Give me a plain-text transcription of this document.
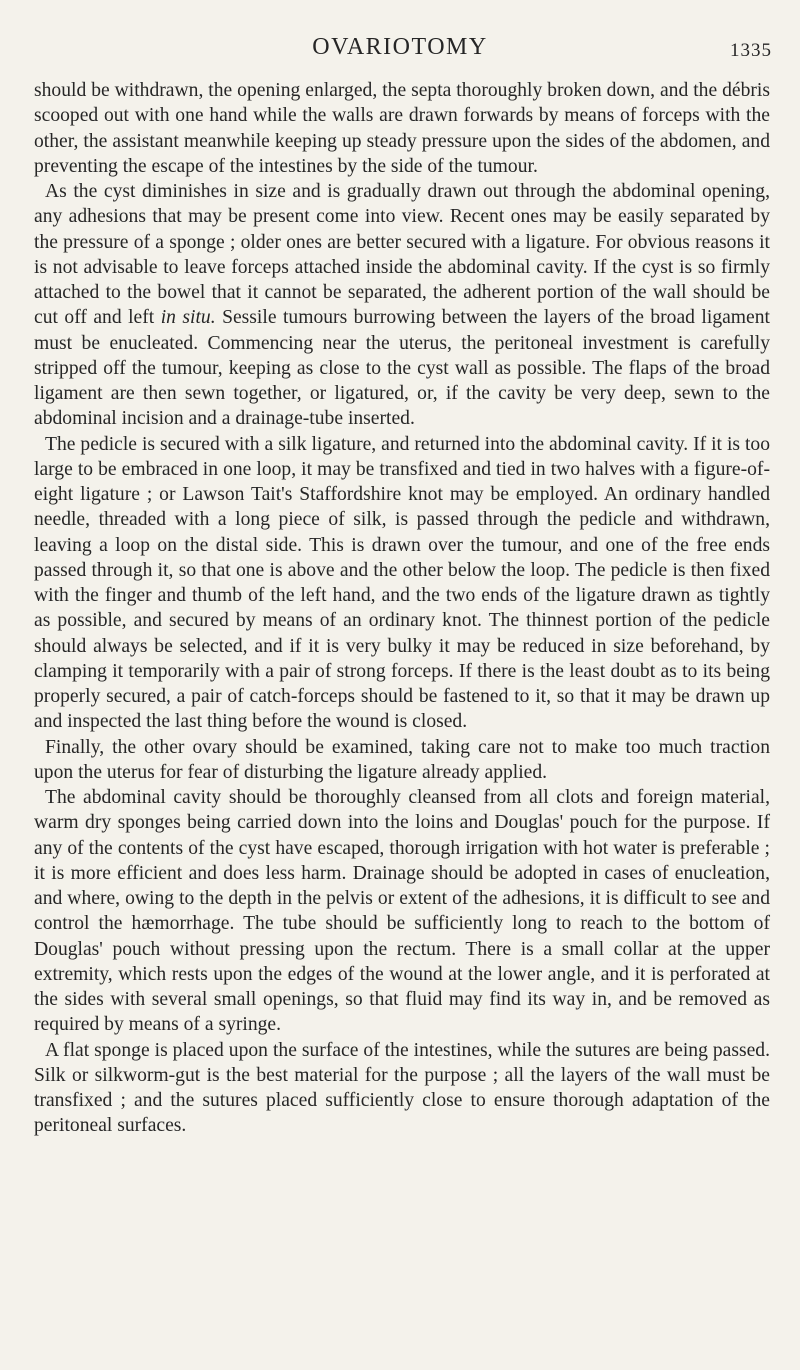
OVARIOTOMY	1335

should be withdrawn, the opening enlarged, the septa thoroughly broken down, and the débris scooped out with one hand while the walls are drawn forwards by means of forceps with the other, the assistant meanwhile keeping up steady pressure upon the sides of the abdomen, and preventing the escape of the intestines by the side of the tumour.

As the cyst diminishes in size and is gradually drawn out through the abdominal opening, any adhesions that may be present come into view. Recent ones may be easily separated by the pressure of a sponge ; older ones are better secured with a ligature. For obvious reasons it is not advisable to leave forceps attached inside the abdominal cavity. If the cyst is so firmly attached to the bowel that it cannot be separated, the adherent portion of the wall should be cut off and left in situ. Sessile tumours burrowing between the layers of the broad ligament must be enucleated. Commencing near the uterus, the peritoneal investment is carefully stripped off the tumour, keeping as close to the cyst wall as possible. The flaps of the broad ligament are then sewn together, or ligatured, or, if the cavity be very deep, sewn to the abdominal incision and a drainage-tube inserted.

The pedicle is secured with a silk ligature, and returned into the abdominal cavity. If it is too large to be embraced in one loop, it may be transfixed and tied in two halves with a figure-of-eight ligature ; or Lawson Tait's Staffordshire knot may be employed. An ordinary handled needle, threaded with a long piece of silk, is passed through the pedicle and withdrawn, leaving a loop on the distal side. This is drawn over the tumour, and one of the free ends passed through it, so that one is above and the other below the loop. The pedicle is then fixed with the finger and thumb of the left hand, and the two ends of the ligature drawn as tightly as possible, and secured by means of an ordinary knot. The thinnest portion of the pedicle should always be selected, and if it is very bulky it may be reduced in size beforehand, by clamping it temporarily with a pair of strong forceps. If there is the least doubt as to its being properly secured, a pair of catch-forceps should be fastened to it, so that it may be drawn up and inspected the last thing before the wound is closed.

Finally, the other ovary should be examined, taking care not to make too much traction upon the uterus for fear of disturbing the ligature already applied.

The abdominal cavity should be thoroughly cleansed from all clots and foreign material, warm dry sponges being carried down into the loins and Douglas' pouch for the purpose. If any of the contents of the cyst have escaped, thorough irrigation with hot water is preferable ; it is more efficient and does less harm. Drainage should be adopted in cases of enucleation, and where, owing to the depth in the pelvis or extent of the adhesions, it is difficult to see and control the hæmorrhage. The tube should be sufficiently long to reach to the bottom of Douglas' pouch without pressing upon the rectum. There is a small collar at the upper extremity, which rests upon the edges of the wound at the lower angle, and it is perforated at the sides with several small openings, so that fluid may find its way in, and be removed as required by means of a syringe.

A flat sponge is placed upon the surface of the intestines, while the sutures are being passed. Silk or silkworm-gut is the best material for the purpose ; all the layers of the wall must be transfixed ; and the sutures placed sufficiently close to ensure thorough adaptation of the peritoneal surfaces.
